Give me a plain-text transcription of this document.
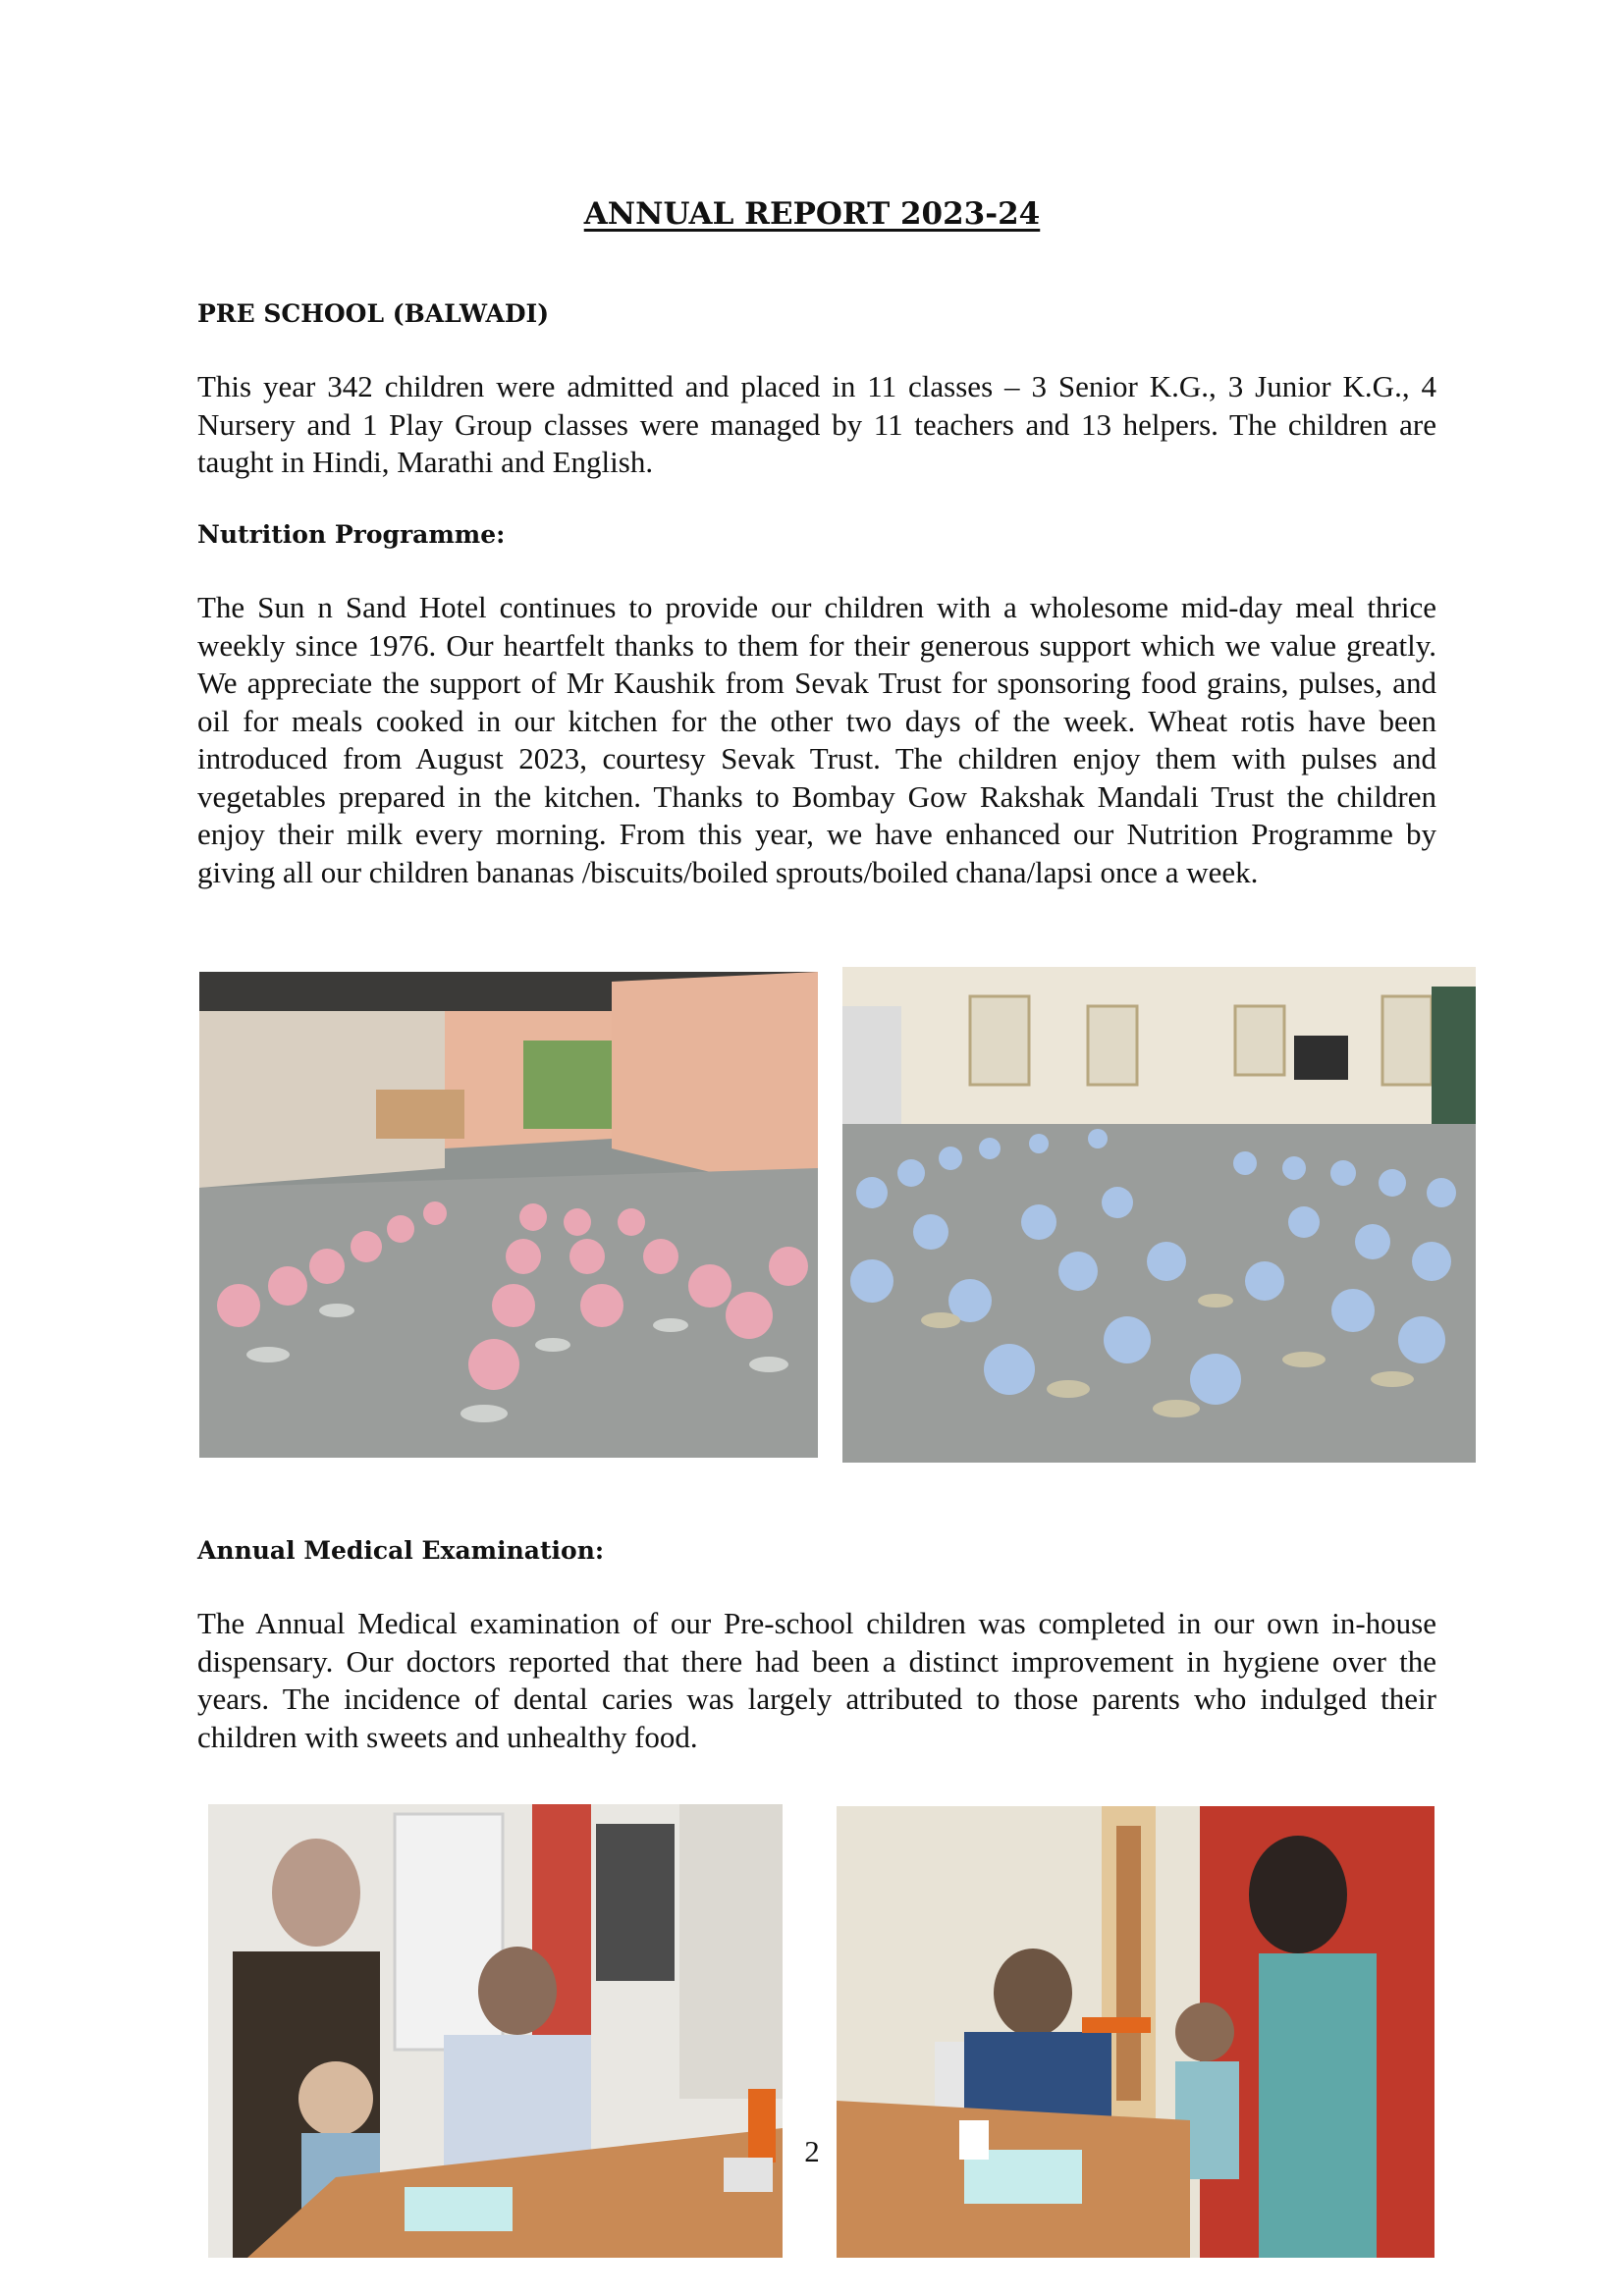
ANNUAL REPORT 2023-24
PRE SCHOOL (BALWADI)

This year 342 children were admitted and placed in 11 classes – 3 Senior K.G., 3 Junior K.G., 4 Nursery and 1 Play Group classes were managed by 11 teachers and 13 helpers. The children are taught in Hindi, Marathi and English.

Nutrition Programme:

The Sun n Sand Hotel continues to provide our children with a wholesome mid-day meal thrice weekly since 1976. Our heartfelt thanks to them for their generous support which we value greatly. We appreciate the support of Mr Kaushik from Sevak Trust for sponsoring food grains, pulses, and oil for meals cooked in our kitchen for the other two days of the week. Wheat rotis have been introduced from August 2023, courtesy Sevak Trust. The children enjoy them with pulses and vegetables prepared in the kitchen. Thanks to Bombay Gow Rakshak Mandali Trust the children enjoy their milk every morning. From this year, we have enhanced our Nutrition Programme by giving all our children bananas /biscuits/boiled sprouts/boiled chana/lapsi once a week.

Annual Medical Examination:

The Annual Medical examination of our Pre-school children was completed in our own in-house dispensary. Our doctors reported that there had been a distinct improvement in hygiene over the years. The incidence of dental caries was largely attributed to those parents who indulged their children with sweets and unhealthy food.

2
